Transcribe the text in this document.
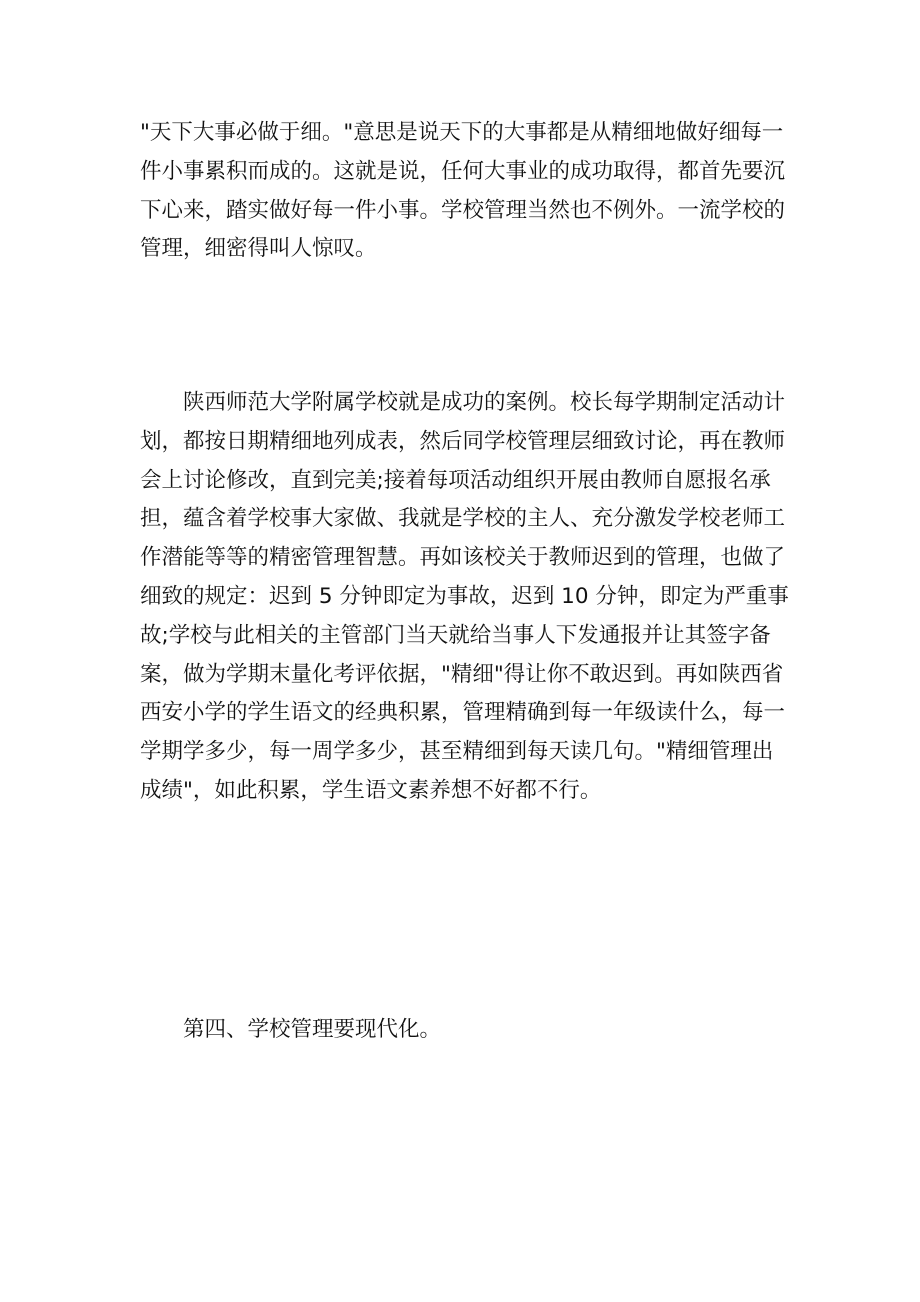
"天下大事必做于细。"意思是说天下的大事都是从精细地做好细每一
件小事累积而成的。这就是说，任何大事业的成功取得，都首先要沉
下心来，踏实做好每一件小事。学校管理当然也不例外。一流学校的
管理，细密得叫人惊叹。

　　陕西师范大学附属学校就是成功的案例。校长每学期制定活动计
划，都按日期精细地列成表，然后同学校管理层细致讨论，再在教师
会上讨论修改，直到完美;接着每项活动组织开展由教师自愿报名承
担，蕴含着学校事大家做、我就是学校的主人、充分激发学校老师工
作潜能等等的精密管理智慧。再如该校关于教师迟到的管理，也做了
细致的规定：迟到 5 分钟即定为事故，迟到 10 分钟，即定为严重事
故;学校与此相关的主管部门当天就给当事人下发通报并让其签字备
案，做为学期末量化考评依据，"精细"得让你不敢迟到。再如陕西省
西安小学的学生语文的经典积累，管理精确到每一年级读什么，每一
学期学多少，每一周学多少，甚至精细到每天读几句。"精细管理出
成绩"，如此积累，学生语文素养想不好都不行。

　　第四、学校管理要现代化。
